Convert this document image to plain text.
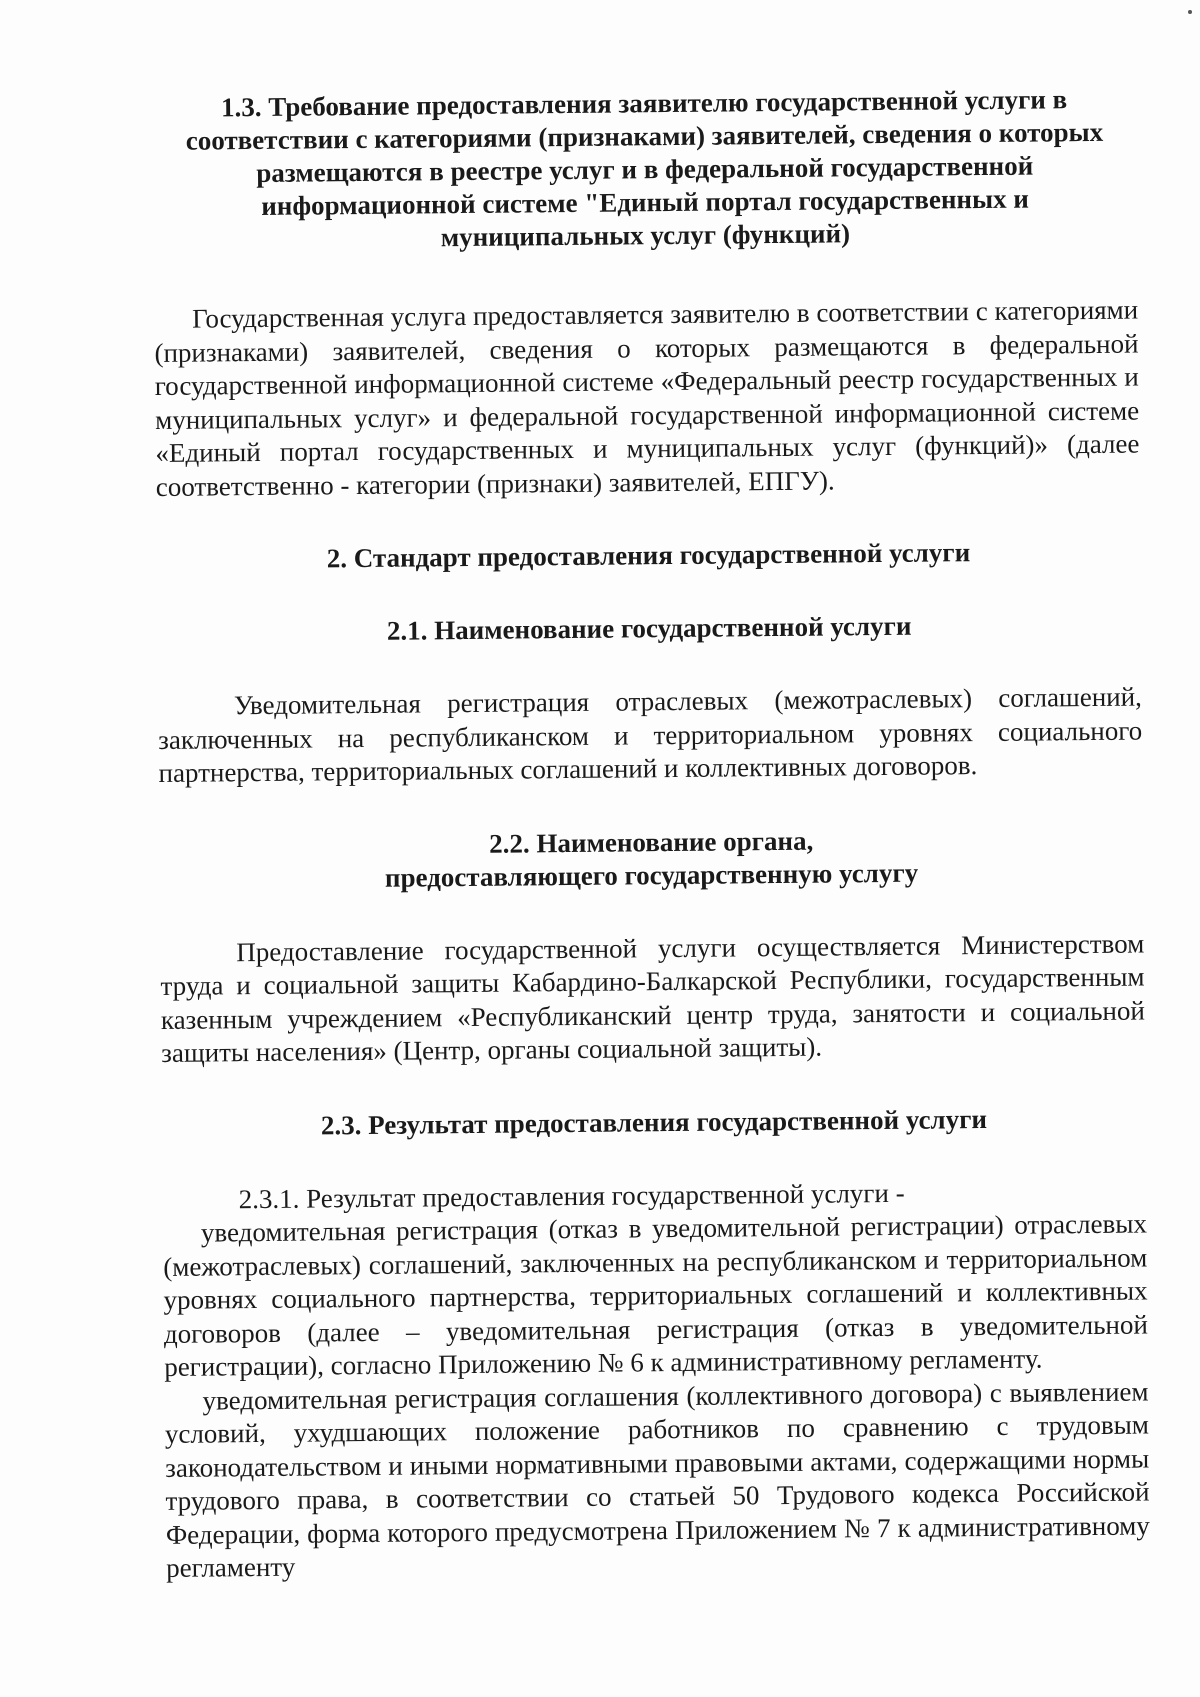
1.3. Требование предоставления заявителю государственной услуги в
соответствии с категориями (признаками) заявителей, сведения о которых
размещаются в реестре услуг и в федеральной государственной
информационной системе "Единый портал государственных и
муниципальных услуг (функций)

Государственная услуга предоставляется заявителю в соответствии с категориями (признаками) заявителей, сведения о которых размещаются в федеральной государственной информационной системе «Федеральный реестр государственных и муниципальных услуг» и федеральной государственной информационной системе «Единый портал государственных и муниципальных услуг (функций)» (далее соответственно - категории (признаки) заявителей, ЕПГУ).

2. Стандарт предоставления государственной услуги
2.1. Наименование государственной услуги

Уведомительная регистрация отраслевых (межотраслевых) соглашений, заключенных на республиканском и территориальном уровнях социального партнерства, территориальных соглашений и коллективных договоров.

2.2. Наименование органа,
предоставляющего государственную услугу

Предоставление государственной услуги осуществляется Министерством труда и социальной защиты Кабардино-Балкарской Республики, государственным казенным учреждением «Республиканский центр труда, занятости и социальной защиты населения» (Центр, органы социальной защиты).

2.3. Результат предоставления государственной услуги

2.3.1. Результат предоставления государственной услуги -

уведомительная регистрация (отказ в уведомительной регистрации) отраслевых (межотраслевых) соглашений, заключенных на республиканском и территориальном уровнях социального партнерства, территориальных соглашений и коллективных договоров (далее – уведомительная регистрация (отказ в уведомительной регистрации), согласно Приложению № 6 к административному регламенту.

уведомительная регистрация соглашения (коллективного договора) с выявлением условий, ухудшающих положение работников по сравнению с трудовым законодательством и иными нормативными правовыми актами, содержащими нормы трудового права, в соответствии со статьей 50 Трудового кодекса Российской Федерации, форма которого предусмотрена Приложением № 7 к административному регламенту
